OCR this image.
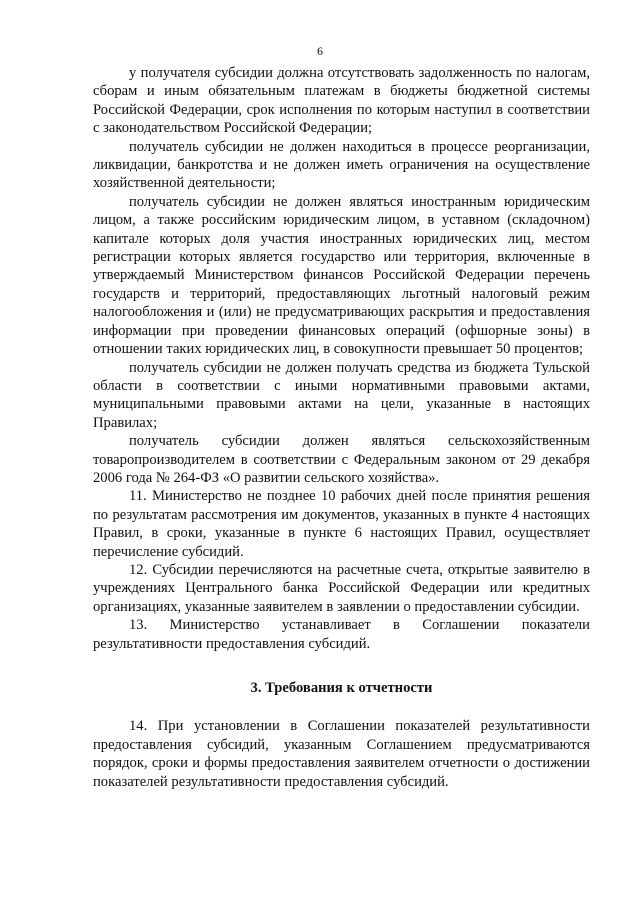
6

у получателя субсидии должна отсутствовать задолженность по налогам, сборам и иным обязательным платежам в бюджеты бюджетной системы Российской Федерации, срок исполнения по которым наступил в соответствии с законодательством Российской Федерации;

получатель субсидии не должен находиться в процессе реорганизации, ликвидации, банкротства и не должен иметь ограничения на осуществление хозяйственной деятельности;

получатель субсидии не должен являться иностранным юридическим лицом, а также российским юридическим лицом, в уставном (складочном) капитале которых доля участия иностранных юридических лиц, местом регистрации которых является государство или территория, включенные в утверждаемый Министерством финансов Российской Федерации перечень государств и территорий, предоставляющих льготный налоговый режим налогообложения и (или) не предусматривающих раскрытия и предоставления информации при проведении финансовых операций (офшорные зоны) в отношении таких юридических лиц, в совокупности превышает 50 процентов;

получатель субсидии не должен получать средства из бюджета Тульской области в соответствии с иными нормативными правовыми актами, муниципальными правовыми актами на цели, указанные в настоящих Правилах;

получатель субсидии должен являться сельскохозяйственным товаропроизводителем в соответствии с Федеральным законом от 29 декабря 2006 года № 264-ФЗ «О развитии сельского хозяйства».

11. Министерство не позднее 10 рабочих дней после принятия решения по результатам рассмотрения им документов, указанных в пункте 4 настоящих Правил, в сроки, указанные в пункте 6 настоящих Правил, осуществляет перечисление субсидий.

12. Субсидии перечисляются на расчетные счета, открытые заявителю в учреждениях Центрального банка Российской Федерации или кредитных организациях, указанные заявителем в заявлении о предоставлении субсидии.

13. Министерство устанавливает в Соглашении показатели результативности предоставления субсидий.

3. Требования к отчетности

14. При установлении в Соглашении показателей результативности предоставления субсидий, указанным Соглашением предусматриваются порядок, сроки и формы предоставления заявителем отчетности о достижении показателей результативности предоставления субсидий.
